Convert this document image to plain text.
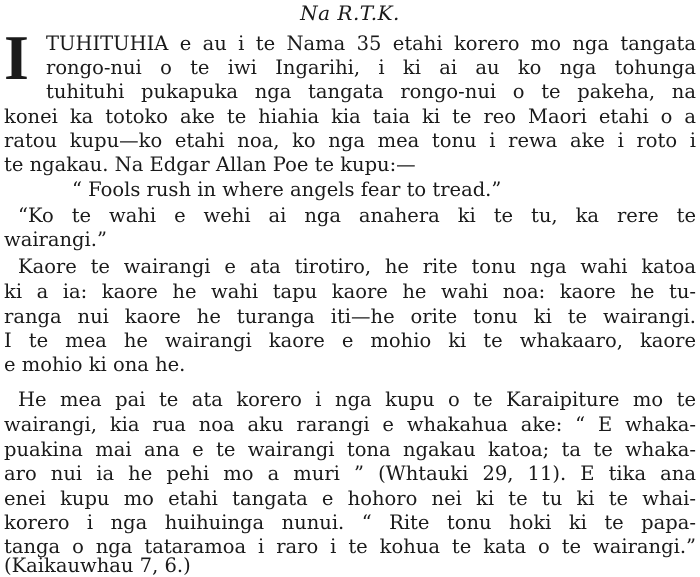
Na R.T.K.
I TUHITUHIA e au i te Nama 35 etahi korero mo nga tangata
rongo-nui o te iwi Ingarihi, i ki ai au ko nga tohunga
tuhituhi pukapuka nga tangata rongo-nui o te pakeha, na
konei ka totoko ake te hiahia kia taia ki te reo Maori etahi o a
ratou kupu—ko etahi noa, ko nga mea tonu i rewa ake i roto i
te ngakau. Na Edgar Allan Poe te kupu:—
“ Fools rush in where angels fear to tread.”
“Ko te wahi e wehi ai nga anahera ki te tu, ka rere te
wairangi.”
Kaore te wairangi e ata tirotiro, he rite tonu nga wahi katoa
ki a ia: kaore he wahi tapu kaore he wahi noa: kaore he tu-
ranga nui kaore he turanga iti—he orite tonu ki te wairangi.
I te mea he wairangi kaore e mohio ki te whakaaro, kaore
e mohio ki ona he.
He mea pai te ata korero i nga kupu o te Karaipiture mo te
wairangi, kia rua noa aku rarangi e whakahua ake: “ E whaka-
puakina mai ana e te wairangi tona ngakau katoa; ta te whaka-
aro nui ia he pehi mo a muri ” (Whtauki 29, 11). E tika ana
enei kupu mo etahi tangata e hohoro nei ki te tu ki te whai-
korero i nga huihuinga nunui. “ Rite tonu hoki ki te papa-
tanga o nga tataramoa i raro i te kohua te kata o te wairangi.”
(Kaikauwhau 7, 6.)
